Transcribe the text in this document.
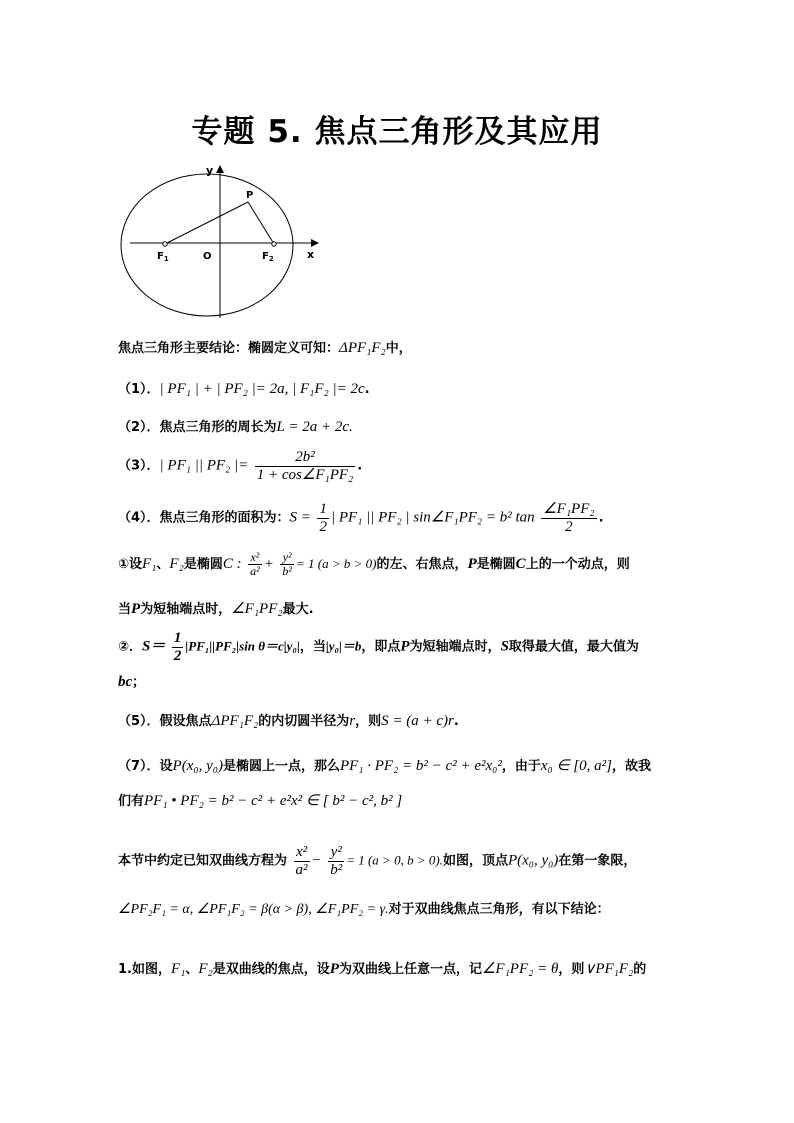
专题 5. 焦点三角形及其应用
y
x
P
O
$F_1$	$F_2$
焦点三角形主要结论：椭圆定义可知：ΔPF₁F₂中，
（1）．| PF₁ | + | PF₂ |= 2a, | F₁F₂ |= 2c.
（2）．焦点三角形的周长为L = 2a + 2c.
（3）．| PF₁ || PF₂ |= $\frac{\text{2b²}}{\text{1 + cos∠F₁PF₂}}$ .
（4）．焦点三角形的面积为：$S = \frac{1}{2}$ | PF₁ || PF₂ | sin∠F₁PF₂ = b² $\tan \frac{\text{∠F₁PF₂}}{2}$ .
①设F₁、F₂是椭圆C : $\frac{\text{x²}}{\text{a²}} + \frac{\text{y²}}{\text{b²}} = 1$ (a > b > 0)的左、右焦点，P是椭圆C上的一个动点，则
当P为短轴端点时，∠F₁PF₂最大.
②．$S= \frac{1}{2} |PF_1||PF_2|\sin$ θ＝c|y₀|，当|y₀|＝b，即点P为短轴端点时，S取得最大值，最大值为
bc；
（5）．假设焦点ΔPF₁F₂的内切圆半径为r，则S = (a + c)r.
（7）．设P(x₀, y₀)是椭圆上一点，那么PF₁ · PF₂ = b² − c² + e²x₀²，由于x₀ ∈ [0, a²]，故我
们有PF₁ • PF₂ = b² − c² + e²x² ∈ [ b² − c², b² ]
本节中约定已知双曲线方程为 $\frac{\text{x²}}{\text{a²}} - \frac{\text{y²}}{\text{b²}} = 1$ (a > 0, b > 0).如图，顶点P(x₀, y₀)在第一象限，
∠PF₂F₁ = α, ∠PF₁F₂ = β(α > β), ∠F₁PF₂ = γ.对于双曲线焦点三角形，有以下结论：
1.如图，F₁、F₂是双曲线的焦点，设P为双曲线上任意一点，记∠F₁PF₂ = θ，则∨PF₁F₂的
